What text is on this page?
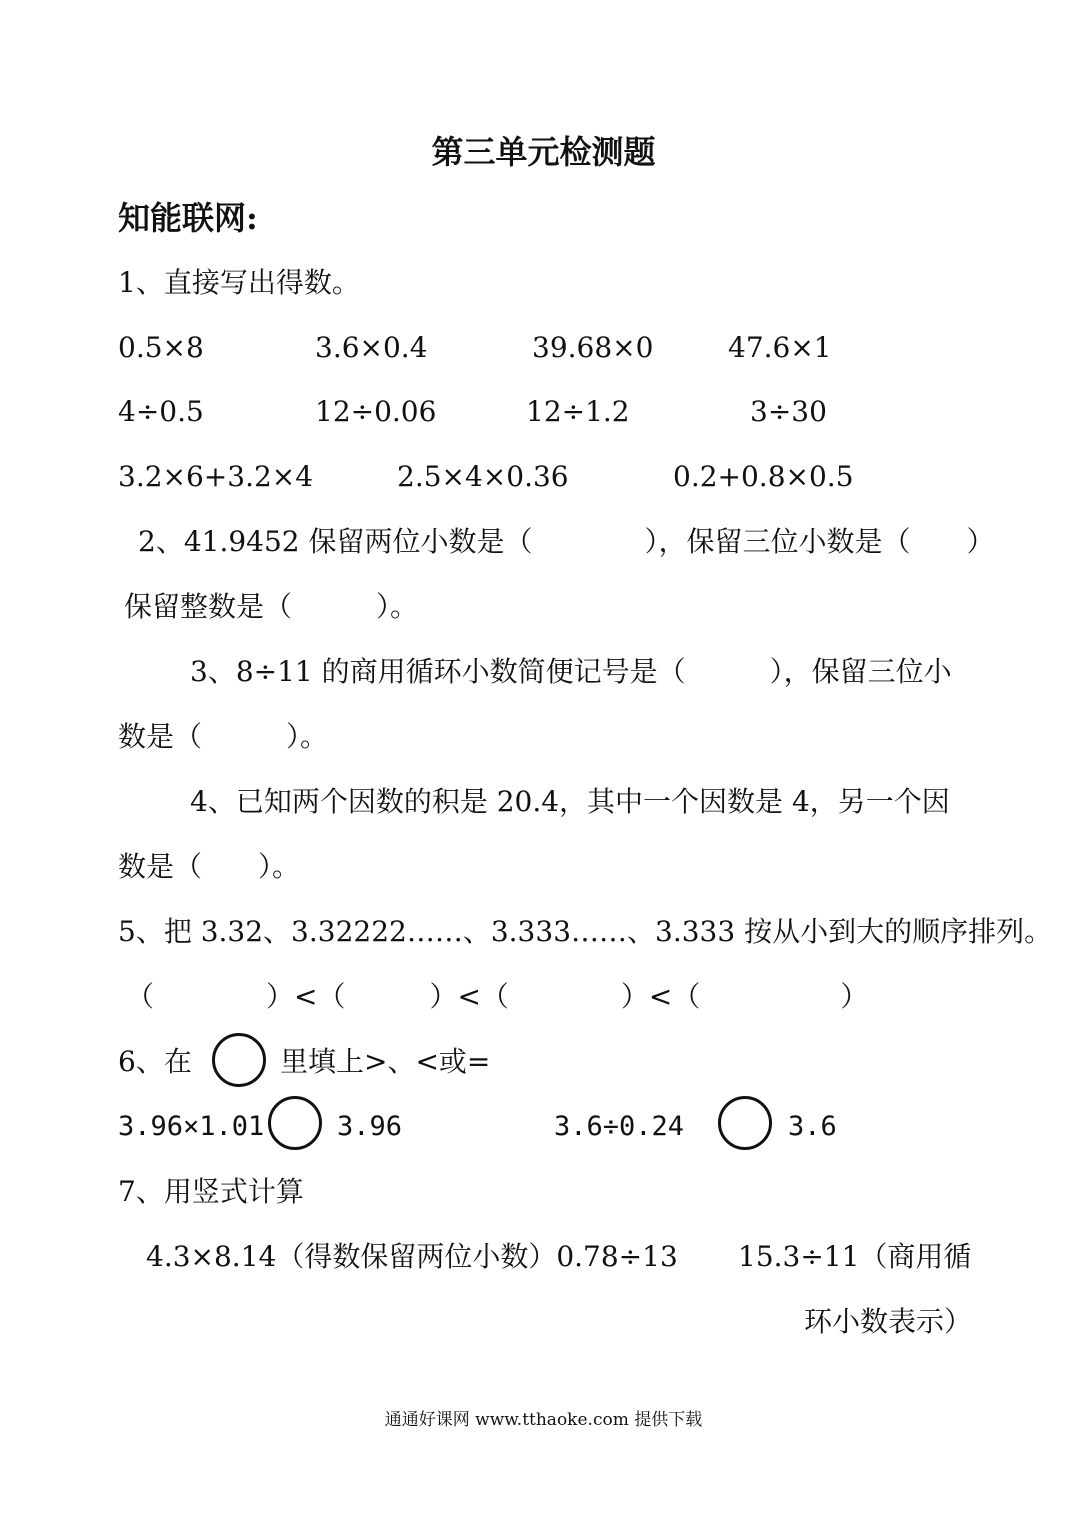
第三单元检测题
知能联网:
1、直接写出得数。
0.5×8	3.6×0.4	39.68×0	47.6×1
4÷0.5	12÷0.06	12÷1.2	3÷30
3.2×6+3.2×4	2.5×4×0.36	0.2+0.8×0.5
2、41.9452 保留两位小数是（　　　　），保留三位小数是（　　）
保留整数是（　　　）。
3、8÷11 的商用循环小数简便记号是（　　　），保留三位小
数是（　　　）。
4、已知两个因数的积是 20.4，其中一个因数是 4，另一个因
数是（　　）。
5、把 3.32、3.32222……、3.333……、3.333 按从小到大的顺序排列。
（　　　　）<（　　　）<（　　　　）<（　　　　　）
6、在	里填上>、<或=
3.96×1.01	3.96	3.6÷0.24	3.6
7、用竖式计算
4.3×8.14（得数保留两位小数）0.78÷13 15.3÷11（商用循
环小数表示）
通通好课网 www.tthaoke.com 提供下载
